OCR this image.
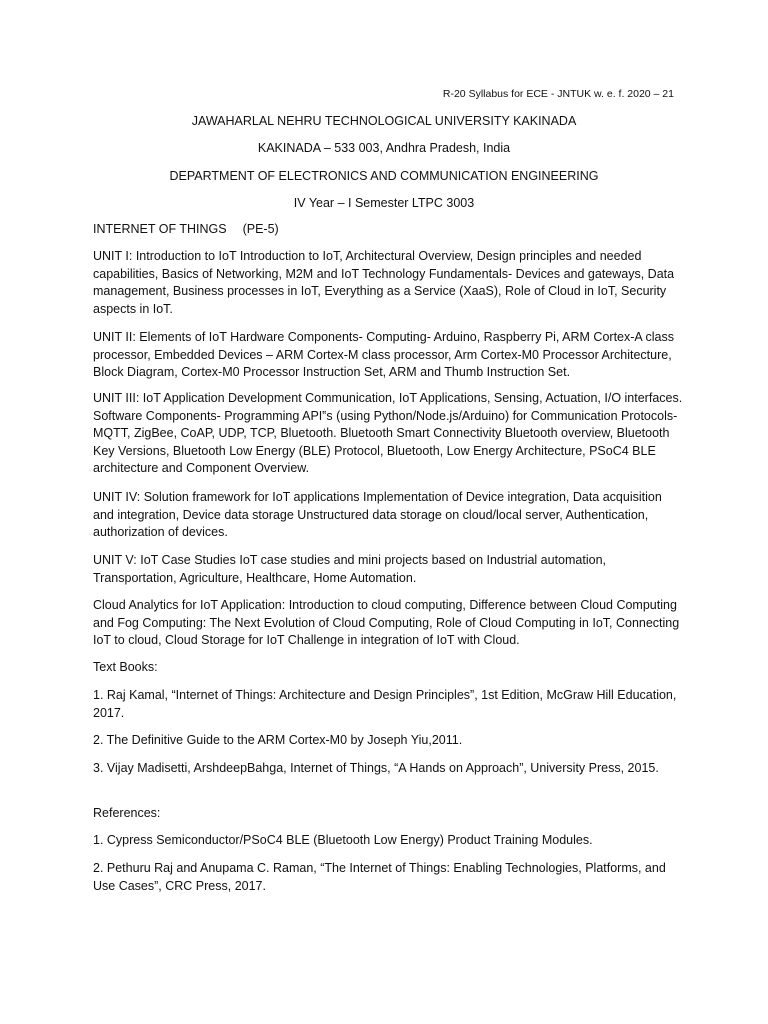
R-20 Syllabus for ECE - JNTUK w. e. f. 2020 – 21
JAWAHARLAL NEHRU TECHNOLOGICAL UNIVERSITY KAKINADA
KAKINADA – 533 003, Andhra Pradesh, India
DEPARTMENT OF ELECTRONICS AND COMMUNICATION ENGINEERING
IV Year – I Semester LTPC 3003

INTERNET OF THINGS (PE-5)

UNIT I: Introduction to IoT Introduction to IoT, Architectural Overview, Design principles and needed capabilities, Basics of Networking, M2M and IoT Technology Fundamentals- Devices and gateways, Data management, Business processes in IoT, Everything as a Service (XaaS), Role of Cloud in IoT, Security aspects in IoT.

UNIT II: Elements of IoT Hardware Components- Computing- Arduino, Raspberry Pi, ARM Cortex-A class processor, Embedded Devices – ARM Cortex-M class processor, Arm Cortex-M0 Processor Architecture, Block Diagram, Cortex-M0 Processor Instruction Set, ARM and Thumb Instruction Set.

UNIT III: IoT Application Development Communication, IoT Applications, Sensing, Actuation, I/O interfaces. Software Components- Programming API‟s (using Python/Node.js/Arduino) for Communication Protocols-MQTT, ZigBee, CoAP, UDP, TCP, Bluetooth. Bluetooth Smart Connectivity Bluetooth overview, Bluetooth Key Versions, Bluetooth Low Energy (BLE) Protocol, Bluetooth, Low Energy Architecture, PSoC4 BLE architecture and Component Overview.

UNIT IV: Solution framework for IoT applications Implementation of Device integration, Data acquisition and integration, Device data storage Unstructured data storage on cloud/local server, Authentication, authorization of devices.

UNIT V: IoT Case Studies IoT case studies and mini projects based on Industrial automation, Transportation, Agriculture, Healthcare, Home Automation.

Cloud Analytics for IoT Application: Introduction to cloud computing, Difference between Cloud Computing and Fog Computing: The Next Evolution of Cloud Computing, Role of Cloud Computing in IoT, Connecting IoT to cloud, Cloud Storage for IoT Challenge in integration of IoT with Cloud.

Text Books:

1. Raj Kamal, “Internet of Things: Architecture and Design Principles”, 1st Edition, McGraw Hill Education, 2017.

2. The Definitive Guide to the ARM Cortex-M0 by Joseph Yiu,2011.

3. Vijay Madisetti, ArshdeepBahga, Internet of Things, “A Hands on Approach”, University Press, 2015.

References:

1. Cypress Semiconductor/PSoC4 BLE (Bluetooth Low Energy) Product Training Modules.

2. Pethuru Raj and Anupama C. Raman, “The Internet of Things: Enabling Technologies, Platforms, and Use Cases”, CRC Press, 2017.
